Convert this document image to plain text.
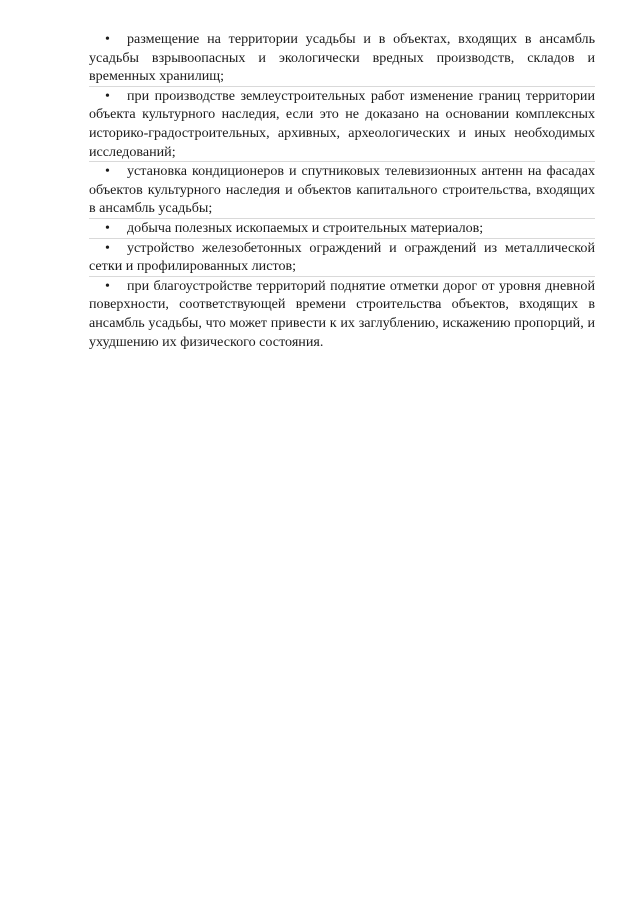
• размещение на территории усадьбы и в объектах, входящих в ансамбль усадьбы взрывоопасных и экологически вредных производств, складов и временных хранилищ;

• при производстве землеустроительных работ изменение границ территории объекта культурного наследия, если это не доказано на основании комплексных историко-градостроительных, архивных, археологических и иных необходимых исследований;

• установка кондиционеров и спутниковых телевизионных антенн на фасадах объектов культурного наследия и объектов капитального строительства, входящих в ансамбль усадьбы;

• добыча полезных ископаемых и строительных материалов;

• устройство железобетонных ограждений и ограждений из металлической сетки и профилированных листов;

• при благоустройстве территорий поднятие отметки дорог от уровня дневной поверхности, соответствующей времени строительства объектов, входящих в ансамбль усадьбы, что может привести к их заглублению, искажению пропорций, и ухудшению их физического состояния.
